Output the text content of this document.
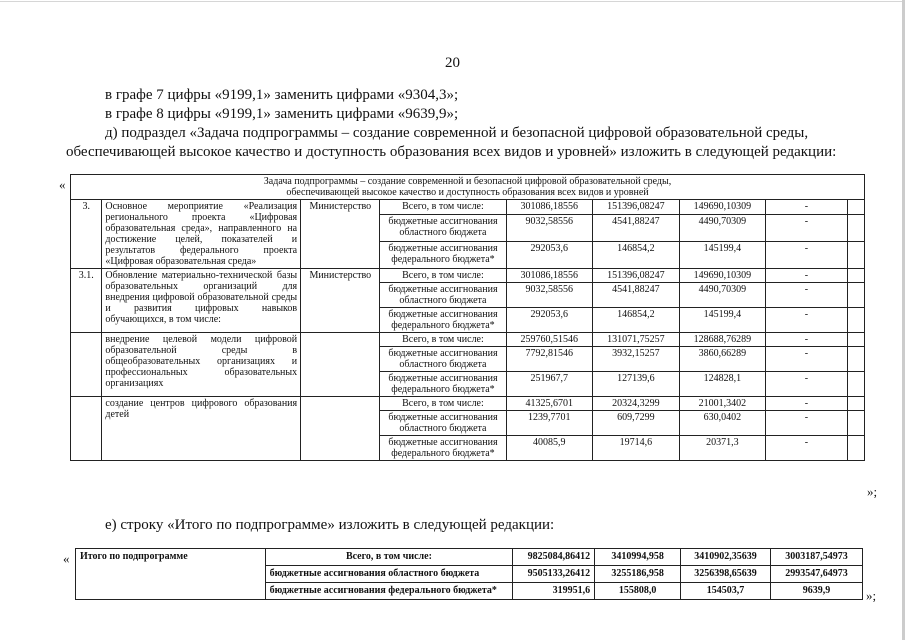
20
в графе 7 цифры «9199,1» заменить цифрами «9304,3»;
в графе 8 цифры «9199,1» заменить цифрами «9639,9»;
д) подраздел «Задача подпрограммы – создание современной и безопасной цифровой образовательной среды,
обеспечивающей высокое качество и доступность образования всех видов и уровней» изложить в следующей редакции:
«	Задача подпрограммы – создание современной и безопасной цифровой образовательной среды,
обеспечивающей высокое качество и доступность образования всех видов и уровней								

3.	Основное мероприятие «Реализация регионального проекта «Цифровая образовательная среда», направленного на достижение целей, показателей и результатов федерального проекта «Цифровая образовательная среда»	Министерство	Всего, в том числе:	301086,18556	151396,08247	149690,10309	-	
			бюджетные ассигнования областного бюджета	9032,58556	4541,88247	4490,70309	-	
			бюджетные ассигнования федерального бюджета*	292053,6	146854,2	145199,4	-	
3.1.	Обновление материально-технической базы образовательных организаций для внедрения цифровой образовательной среды и развития цифровых навыков обучающихся, в том числе:	Министерство	Всего, в том числе:	301086,18556	151396,08247	149690,10309	-	
			бюджетные ассигнования областного бюджета	9032,58556	4541,88247	4490,70309	-	
			бюджетные ассигнования федерального бюджета*	292053,6	146854,2	145199,4	-	
	внедрение целевой модели цифровой образовательной среды в общеобразовательных организациях и профессиональных образовательных организациях		Всего, в том числе:	259760,51546	131071,75257	128688,76289	-	
			бюджетные ассигнования областного бюджета	7792,81546	3932,15257	3860,66289	-	
			бюджетные ассигнования федерального бюджета*	251967,7	127139,6	124828,1	-	
	создание центров цифрового образования детей		Всего, в том числе:	41325,6701	20324,3299	21001,3402	-	
			бюджетные ассигнования областного бюджета	1239,7701	609,7299	630,0402	-	
			бюджетные ассигнования федерального бюджета*	40085,9	19714,6	20371,3	-	
»;
е) строку «Итого по подпрограмме» изложить в следующей редакции:
« Итого по подпрограмме	Всего, в том числе:	9825084,86412	3410994,958	3410902,35639	3003187,54973
	бюджетные ассигнования областного бюджета	9505133,26412	3255186,958	3256398,65639	2993547,64973
	бюджетные ассигнования федерального бюджета*	319951,6	155808,0	154503,7	9639,9	»;
